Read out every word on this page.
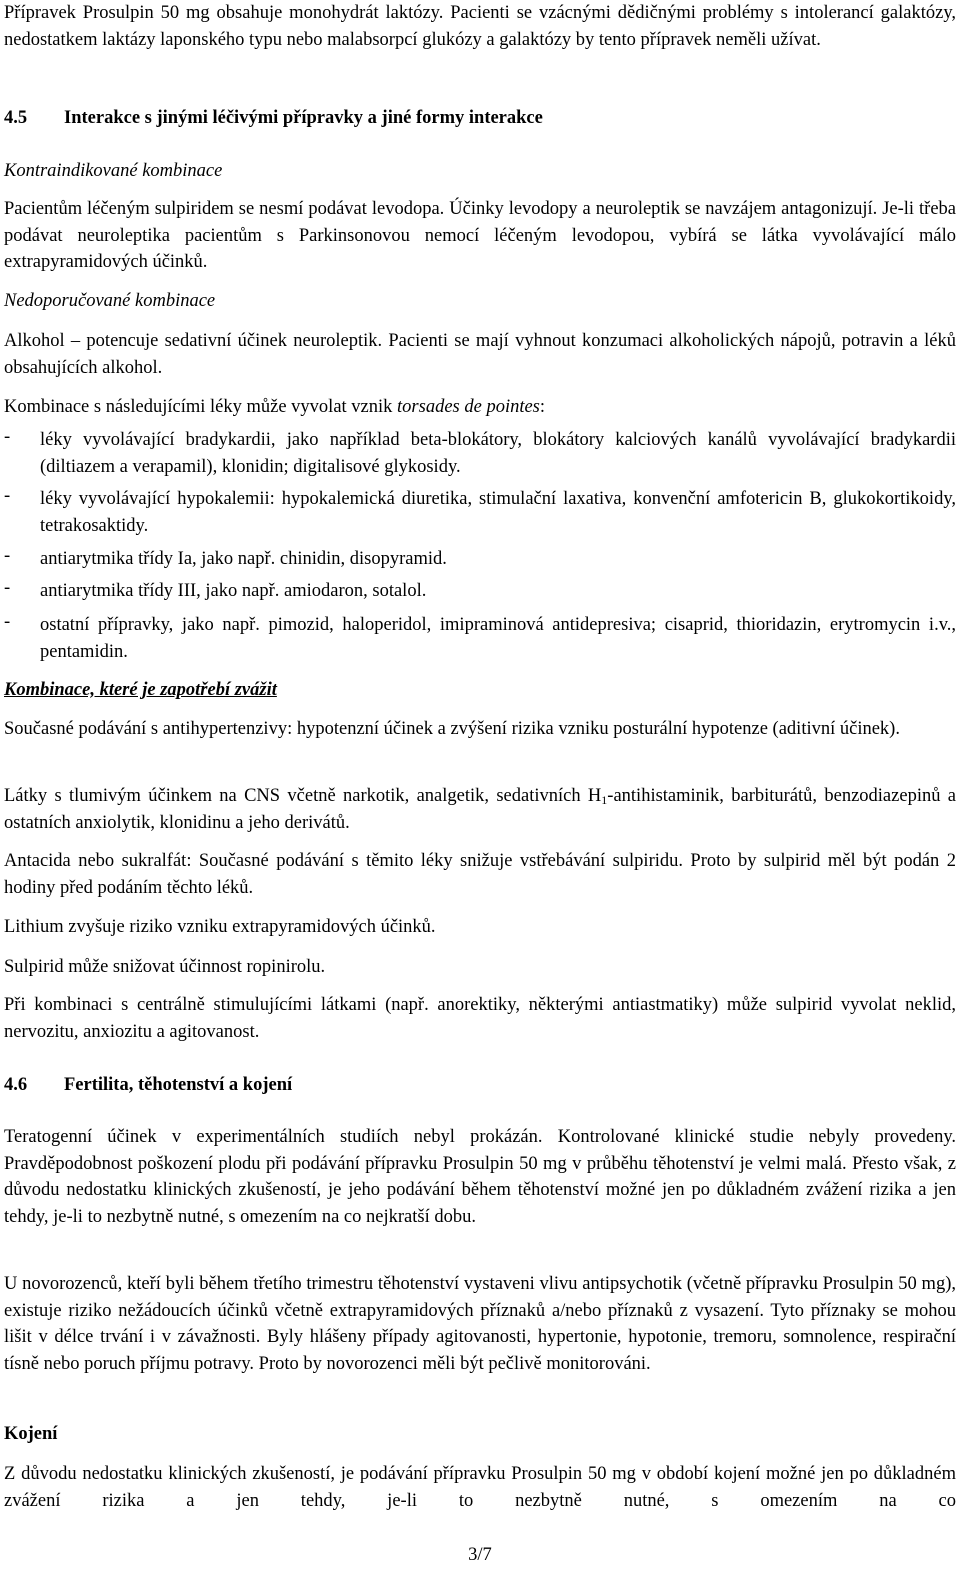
Přípravek Prosulpin 50 mg obsahuje monohydrát laktózy. Pacienti se vzácnými dědičnými problémy s intolerancí galaktózy, nedostatkem laktázy laponského typu nebo malabsorpcí glukózy a galaktózy by tento přípravek neměli užívat.

4.5 Interakce s jinými léčivými přípravky a jiné formy interakce

Kontraindikované kombinace

Pacientům léčeným sulpiridem se nesmí podávat levodopa. Účinky levodopy a neuroleptik se navzájem antagonizují. Je-li třeba podávat neuroleptika pacientům s Parkinsonovou nemocí léčeným levodopou, vybírá se látka vyvolávající málo extrapyramidových účinků.

Nedoporučované kombinace

Alkohol – potencuje sedativní účinek neuroleptik. Pacienti se mají vyhnout konzumaci alkoholických nápojů, potravin a léků obsahujících alkohol.

Kombinace s následujícími léky může vyvolat vznik torsades de pointes:

- léky vyvolávající bradykardii, jako například beta-blokátory, blokátory kalciových kanálů vyvolávající bradykardii (diltiazem a verapamil), klonidin; digitalisové glykosidy.

- léky vyvolávající hypokalemii: hypokalemická diuretika, stimulační laxativa, konvenční amfotericin B, glukokortikoidy, tetrakosaktidy.

- antiarytmika třídy Ia, jako např. chinidin, disopyramid.

- antiarytmika třídy III, jako např. amiodaron, sotalol.

- ostatní přípravky, jako např. pimozid, haloperidol, imipraminová antidepresiva; cisaprid, thioridazin, erytromycin i.v., pentamidin.

Kombinace, které je zapotřebí zvážit

Současné podávání s antihypertenzivy: hypotenzní účinek a zvýšení rizika vzniku posturální hypotenze (aditivní účinek).

Látky s tlumivým účinkem na CNS včetně narkotik, analgetik, sedativních $H_1$-antihistaminik, barbiturátů, benzodiazepinů a ostatních anxiolytik, klonidinu a jeho derivátů.

Antacida nebo sukralfát: Současné podávání s těmito léky snižuje vstřebávání sulpiridu. Proto by sulpirid měl být podán 2 hodiny před podáním těchto léků.

Lithium zvyšuje riziko vzniku extrapyramidových účinků.

Sulpirid může snižovat účinnost ropinirolu.

Při kombinaci s centrálně stimulujícími látkami (např. anorektiky, některými antiastmatiky) může sulpirid vyvolat neklid, nervozitu, anxiozitu a agitovanost.

4.6 Fertilita, těhotenství a kojení

Teratogenní účinek v experimentálních studiích nebyl prokázán. Kontrolované klinické studie nebyly provedeny. Pravděpodobnost poškození plodu při podávání přípravku Prosulpin 50 mg v průběhu těhotenství je velmi malá. Přesto však, z důvodu nedostatku klinických zkušeností, je jeho podávání během těhotenství možné jen po důkladném zvážení rizika a jen tehdy, je-li to nezbytně nutné, s omezením na co nejkratší dobu.

U novorozenců, kteří byli během třetího trimestru těhotenství vystaveni vlivu antipsychotik (včetně přípravku Prosulpin 50 mg), existuje riziko nežádoucích účinků včetně extrapyramidových příznaků a/nebo příznaků z vysazení. Tyto příznaky se mohou lišit v délce trvání i v závažnosti. Byly hlášeny případy agitovanosti, hypertonie, hypotonie, tremoru, somnolence, respirační tísně nebo poruch příjmu potravy. Proto by novorozenci měli být pečlivě monitorováni.

Kojení

Z důvodu nedostatku klinických zkušeností, je podávání přípravku Prosulpin 50 mg v období kojení možné jen po důkladném zvážení rizika a jen tehdy, je-li to nezbytně nutné, s omezením na co

3/7
